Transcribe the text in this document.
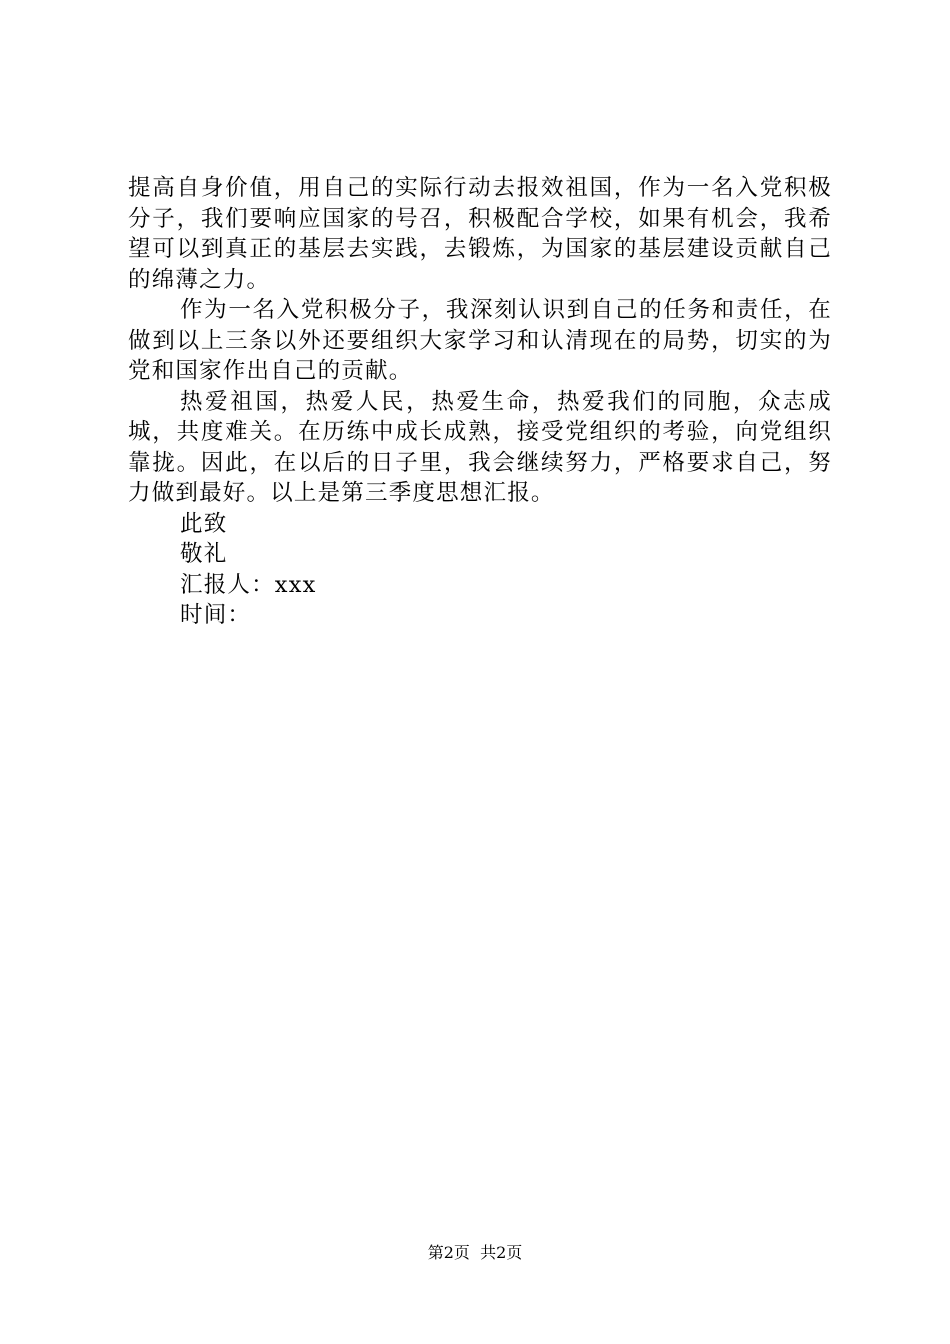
提高自身价值，用自己的实际行动去报效祖国，作为一名入党积极分子，我们要响应国家的号召，积极配合学校，如果有机会，我希望可以到真正的基层去实践，去锻炼，为国家的基层建设贡献自己的绵薄之力。

作为一名入党积极分子，我深刻认识到自己的任务和责任，在做到以上三条以外还要组织大家学习和认清现在的局势，切实的为党和国家作出自己的贡献。

热爱祖国，热爱人民，热爱生命，热爱我们的同胞，众志成城，共度难关。在历练中成长成熟，接受党组织的考验，向党组织靠拢。因此，在以后的日子里，我会继续努力，严格要求自己，努力做到最好。以上是第三季度思想汇报。

此致

敬礼

汇报人：xxx

时间：

第2页  共2页
